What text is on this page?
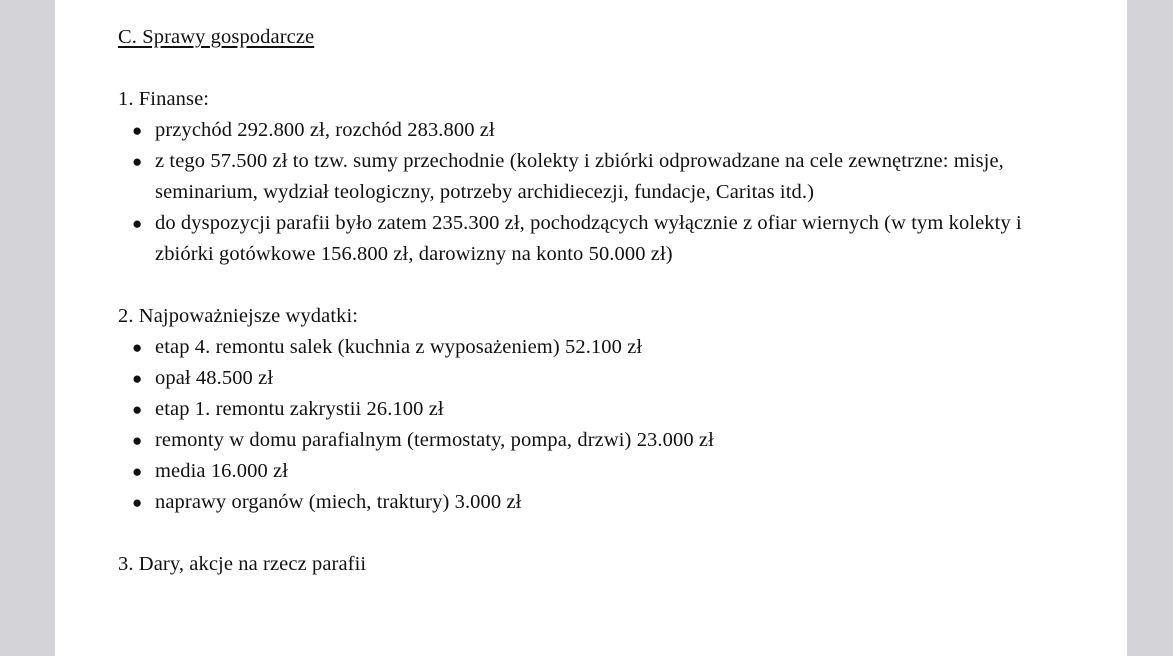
C. Sprawy gospodarcze
1. Finanse:
● przychód 292.800 zł, rozchód 283.800 zł
● z tego 57.500 zł to tzw. sumy przechodnie (kolekty i zbiórki odprowadzane na cele zewnętrzne: misje, seminarium, wydział teologiczny, potrzeby archidiecezji, fundacje, Caritas itd.)
● do dyspozycji parafii było zatem 235.300 zł, pochodzących wyłącznie z ofiar wiernych (w tym kolekty i zbiórki gotówkowe 156.800 zł, darowizny na konto 50.000 zł)
2. Najpoważniejsze wydatki:
● etap 4. remontu salek (kuchnia z wyposażeniem) 52.100 zł
● opał 48.500 zł
● etap 1. remontu zakrystii 26.100 zł
● remonty w domu parafialnym (termostaty, pompa, drzwi) 23.000 zł
● media 16.000 zł
● naprawy organów (miech, traktury) 3.000 zł
3. Dary, akcje na rzecz parafii
